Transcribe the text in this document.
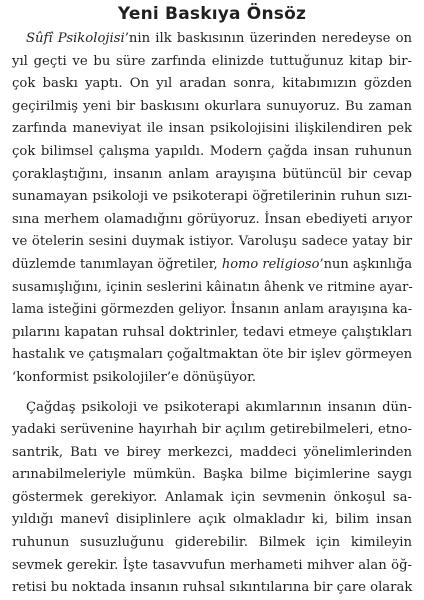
Yeni Baskıya Önsöz
Sûfî Psikolojisi’nin ilk baskısının üzerinden neredeyse on
yıl geçti ve bu süre zarfında elinizde tuttuğunuz kitap bir-
çok baskı yaptı. On yıl aradan sonra, kitabımızın gözden
geçirilmiş yeni bir baskısını okurlara sunuyoruz. Bu zaman
zarfında maneviyat ile insan psikolojisini ilişkilendiren pek
çok bilimsel çalışma yapıldı. Modern çağda insan ruhunun
çoraklaştığını, insanın anlam arayışına bütüncül bir cevap
sunamayan psikoloji ve psikoterapi öğretilerinin ruhun sızı-
sına merhem olamadığını görüyoruz. İnsan ebediyeti arıyor
ve ötelerin sesini duymak istiyor. Varoluşu sadece yatay bir
düzlemde tanımlayan öğretiler, homo religioso’nun aşkınlığa
susamışlığını, içinin seslerini kâinatın âhenk ve ritmine ayar-
lama isteğini görmezden geliyor. İnsanın anlam arayışına ka-
pılarını kapatan ruhsal doktrinler, tedavi etmeye çalıştıkları
hastalık ve çatışmaları çoğaltmaktan öte bir işlev görmeyen
‘konformist psikolojiler’e dönüşüyor.
Çağdaş psikoloji ve psikoterapi akımlarının insanın dün-
yadaki serüvenine hayırhah bir açılım getirebilmeleri, etno-
santrik, Batı ve birey merkezci, maddeci yönelimlerinden
arınabilmeleriyle mümkün. Başka bilme biçimlerine saygı
göstermek gerekiyor. Anlamak için sevmenin önkoşul sa-
yıldığı manevî disiplinlere açık olmakladır ki, bilim insan
ruhunun susuzluğunu giderebilir. Bilmek için kimileyin
sevmek gerekir. İşte tasavvufun merhameti mihver alan öğ-
retisi bu noktada insanın ruhsal sıkıntılarına bir çare olarak
